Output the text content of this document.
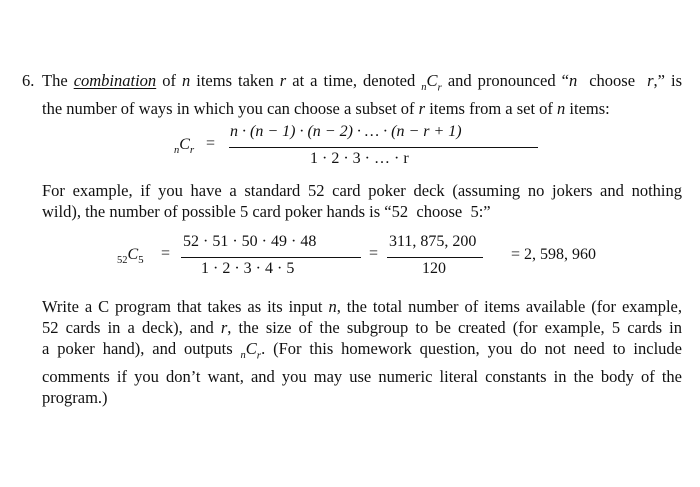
6. The combination of n items taken r at a time, denoted $_nC_r$ and pronounced “n  choose  r,” is
the number of ways in which you can choose a subset of r items from a set of n items:
$_nC_r$ =
n · (n − 1) · (n − 2) · … · (n − r + 1)
1 · 2 · 3 · … · r
For example, if you have a standard 52 card poker deck (assuming no jokers and nothing
wild), the number of possible 5 card poker hands is “52  choose  5:”
$_{52}C_5$ =
52 · 51 · 50 · 49 · 48
1 · 2 · 3 · 4 · 5
=
311, 875, 200
120
= 2, 598, 960
Write a C program that takes as its input n, the total number of items available (for example,
52 cards in a deck), and r, the size of the subgroup to be created (for example, 5 cards in
a poker hand), and outputs $_nC_r$. (For this homework question, you do not need to include
comments if you don’t want, and you may use numeric literal constants in the body of the
program.)
